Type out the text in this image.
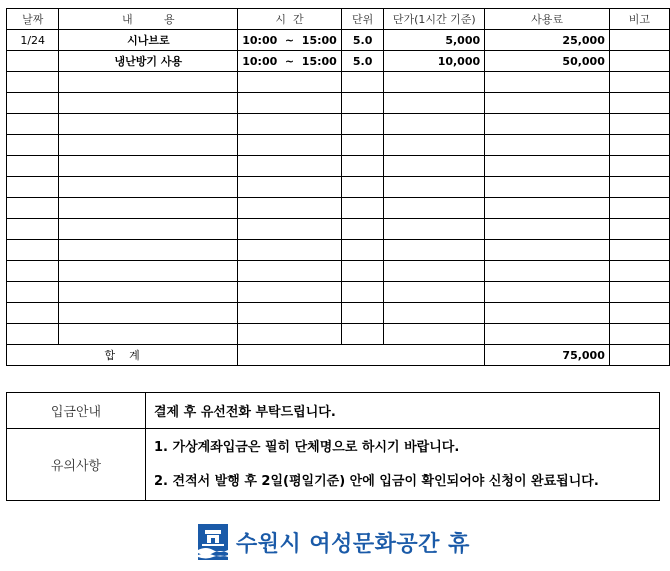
날짜	내         용	시  간	단위	단가(1시간 기준)	사용료	비고
1/24	시나브로	10:00  ~  15:00	5.0	5,000	25,000	
	냉난방기 사용	10:00  ~  15:00	5.0	10,000	50,000	

합    계					75,000	
입금안내	결제 후 유선전화 부탁드립니다.
유의사항	1. 가상계좌입금은 필히 단체명으로 하시기 바랍니다.
2. 견적서 발행 후 2일(평일기준) 안에 입금이 확인되어야 신청이 완료됩니다.
수원시 여성문화공간 휴
